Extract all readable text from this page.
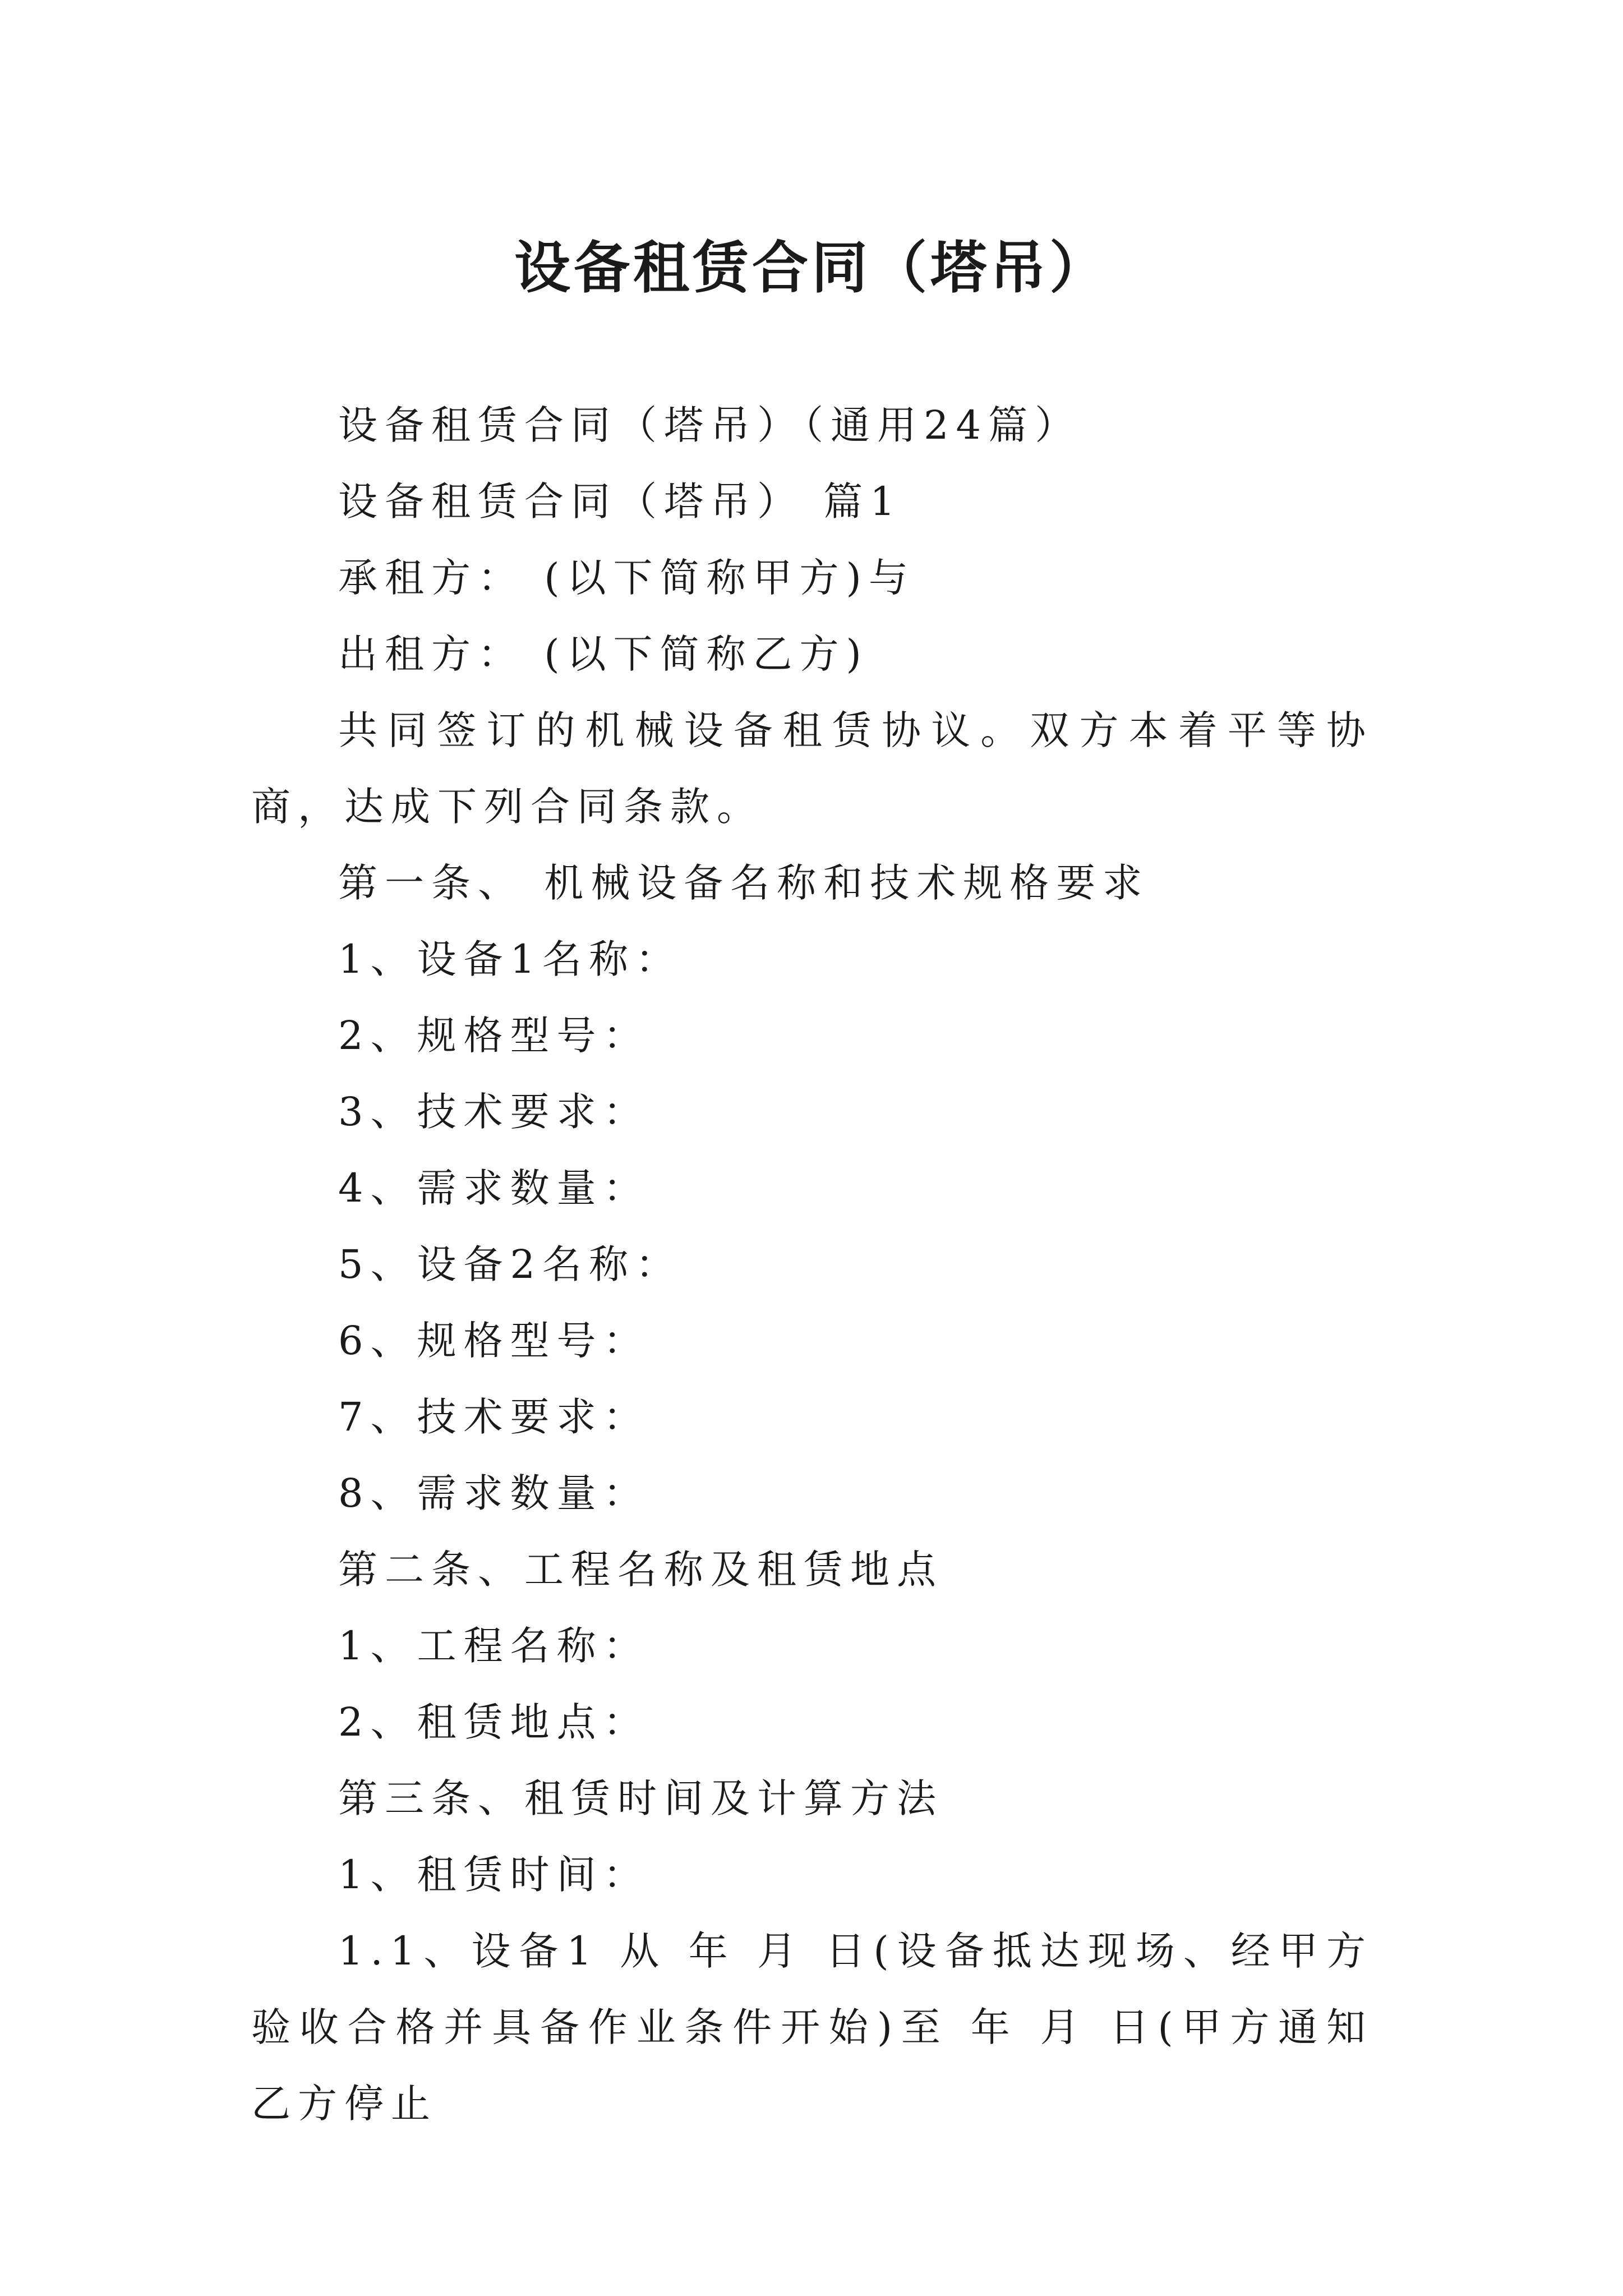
设备租赁合同（塔吊）

设备租赁合同（塔吊）（通用24篇）

设备租赁合同（塔吊） 篇1

承租方： (以下简称甲方)与

出租方： (以下简称乙方)

共同签订的机械设备租赁协议。双方本着平等协商，达成下列合同条款。

第一条、 机械设备名称和技术规格要求

1、设备1名称：

2、规格型号：

3、技术要求：

4、需求数量：

5、设备2名称：

6、规格型号：

7、技术要求：

8、需求数量：

第二条、工程名称及租赁地点

1、工程名称：

2、租赁地点：

第三条、租赁时间及计算方法

1、租赁时间：

1.1、设备1 从 年 月 日(设备抵达现场、经甲方验收合格并具备作业条件开始)至 年 月 日(甲方通知乙方停止
